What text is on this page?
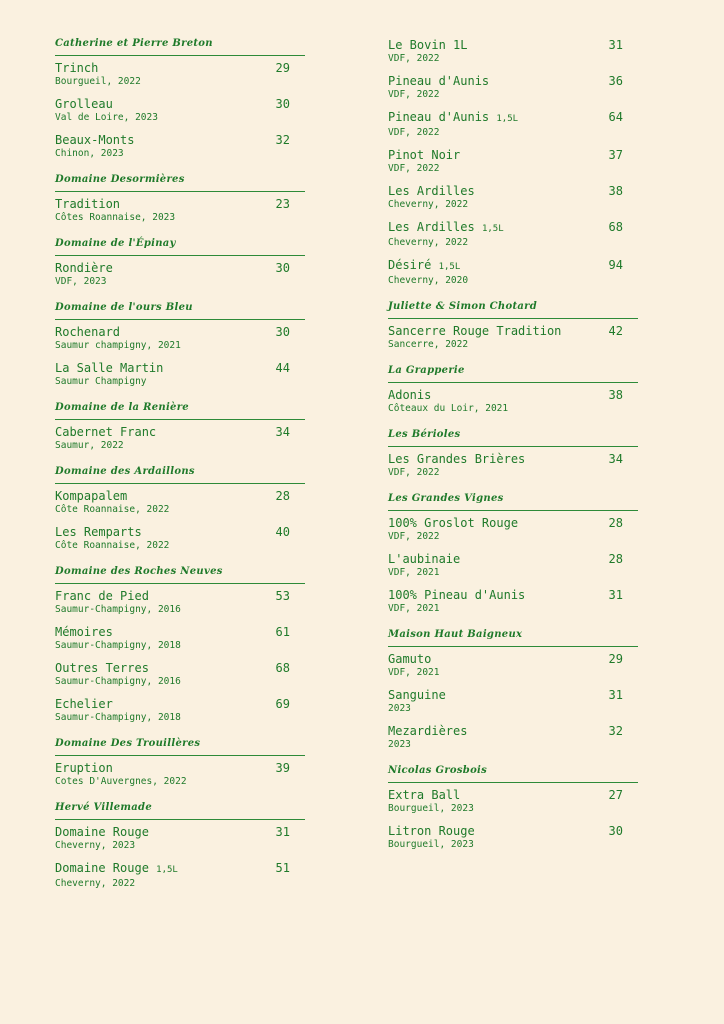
Catherine et Pierre Breton
Trinch	29
Bourgueil, 2022
Grolleau	30
Val de Loire, 2023
Beaux-Monts	32
Chinon, 2023
Domaine Desormières
Tradition	23
Côtes Roannaise, 2023
Domaine de l'Épinay
Rondière	30
VDF, 2023
Domaine de l'ours Bleu
Rochenard	30
Saumur champigny, 2021
La Salle Martin	44
Saumur Champigny
Domaine de la Renière
Cabernet Franc	34
Saumur, 2022
Domaine des Ardaillons
Kompapalem	28
Côte Roannaise, 2022
Les Remparts	40
Côte Roannaise, 2022
Domaine des Roches Neuves
Franc de Pied	53
Saumur-Champigny, 2016
Mémoires	61
Saumur-Champigny, 2018
Outres Terres	68
Saumur-Champigny, 2016
Echelier	69
Saumur-Champigny, 2018
Domaine Des Trouillères
Eruption	39
Cotes D'Auvergnes, 2022
Hervé Villemade
Domaine Rouge	31
Cheverny, 2023
Domaine Rouge 1,5L	51
Cheverny, 2022
Le Bovin 1L	31
VDF, 2022
Pineau d'Aunis	36
VDF, 2022
Pineau d'Aunis 1,5L	64
VDF, 2022
Pinot Noir	37
VDF, 2022
Les Ardilles	38
Cheverny, 2022
Les Ardilles 1,5L	68
Cheverny, 2022
Désiré 1,5L	94
Cheverny, 2020
Juliette & Simon Chotard
Sancerre Rouge Tradition	42
Sancerre, 2022
La Grapperie
Adonis	38
Côteaux du Loir, 2021
Les Bérioles
Les Grandes Brières	34
VDF, 2022
Les Grandes Vignes
100% Groslot Rouge	28
VDF, 2022
L'aubinaie	28
VDF, 2021
100% Pineau d'Aunis	31
VDF, 2021
Maison Haut Baigneux
Gamuto	29
VDF, 2021
Sanguine	31
2023
Mezardières	32
2023
Nicolas Grosbois
Extra Ball	27
Bourgueil, 2023
Litron Rouge	30
Bourgueil, 2023
